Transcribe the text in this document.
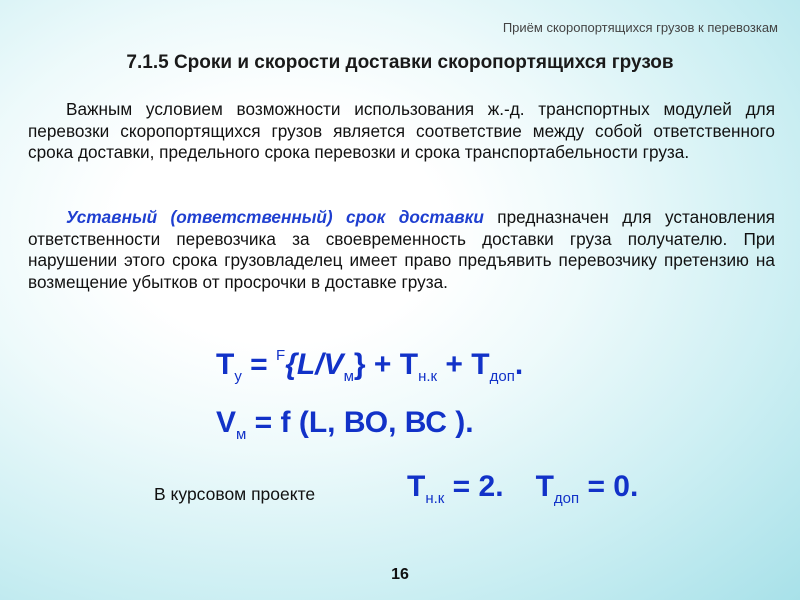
Приём скоропортящихся грузов к перевозкам
7.1.5 Сроки и скорости доставки скоропортящихся грузов
Важным условием возможности использования ж.-д. транспортных модулей для перевозки скоропортящихся грузов является соответствие между собой ответственного срока доставки, предельного срока перевозки и срока транспортабельности груза.
Уставный (ответственный) срок доставки предназначен для установления ответственности перевозчика за своевременность доставки груза получателю. При нарушении этого срока грузовладелец имеет право предъявить перевозчику претензию на возмещение убытков от просрочки в доставке груза.
$T_у = ^F\{L/V_м\} + T_{н.к} + T_{доп}$.
$V_м = f$ (L, ВО, ВС ).
В курсовом проекте	$T_{н.к} = 2$. $T_{доп} = 0$.
16
